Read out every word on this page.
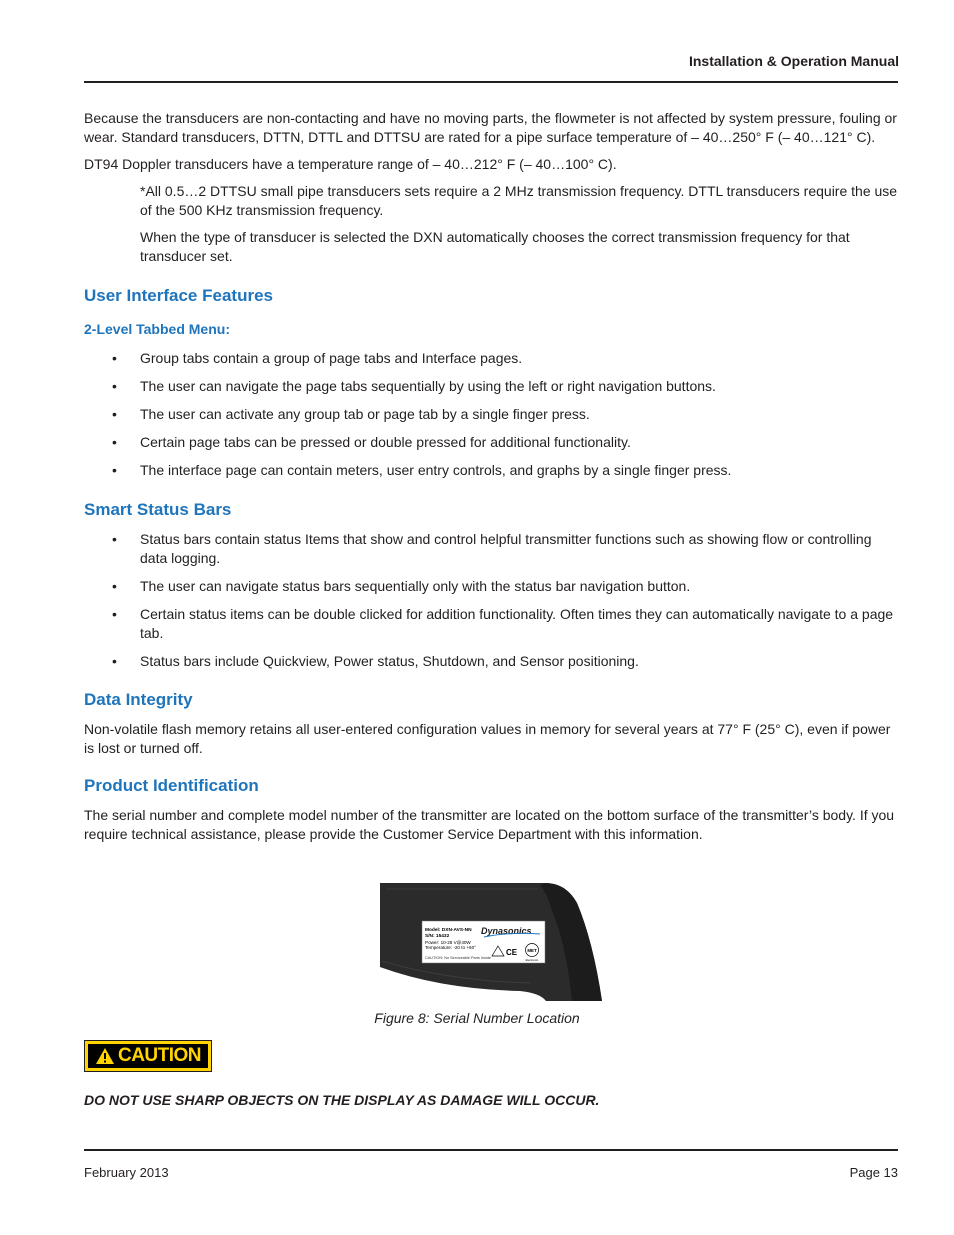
Installation & Operation Manual

Because the transducers are non-contacting and have no moving parts, the flowmeter is not affected by system pressure, fouling or wear. Standard transducers, DTTN, DTTL and DTTSU are rated for a pipe surface temperature of – 40…250° F (– 40…121° C).

DT94 Doppler transducers have a temperature range of – 40…212° F (– 40…100° C).

*All 0.5…2 DTTSU small pipe transducers sets require a 2 MHz transmission frequency. DTTL transducers require the use of the 500 KHz transmission frequency.

When the type of transducer is selected the DXN automatically chooses the correct transmission frequency for that transducer set.

User Interface Features
2-Level Tabbed Menu:
• Group tabs contain a group of page tabs and Interface pages.
• The user can navigate the page tabs sequentially by using the left or right navigation buttons.
• The user can activate any group tab or page tab by a single finger press.
• Certain page tabs can be pressed or double pressed for additional functionality.
• The interface page can contain meters, user entry controls, and graphs by a single finger press.
Smart Status Bars
• Status bars contain status Items that show and control helpful transmitter functions such as showing flow or controlling data logging.
• The user can navigate status bars sequentially only with the status bar navigation button.
• Certain status items can be double clicked for addition functionality. Often times they can automatically navigate to a page tab.
• Status bars include Quickview, Power status, Shutdown, and Sensor positioning.
Data Integrity

Non-volatile flash memory retains all user-entered configuration values in memory for several years at 77° F (25° C), even if power is lost or turned off.

Product Identification

The serial number and complete model number of the transmitter are located on the bottom surface of the transmitter’s body. If you require technical assistance, please provide the Customer Service Department with this information.

Model: DXN-AVS-NN
S/N: 15432
Power: 10-28 V@40W
Temperature: -20 to +60°
CAUTION: No Serviceable Parts Inside
Dynasonics
CE MET
Electronics
Figure 8: Serial Number Location
CAUTION
DO NOT USE SHARP OBJECTS ON THE DISPLAY AS DAMAGE WILL OCCUR.
February 2013	Page 13
